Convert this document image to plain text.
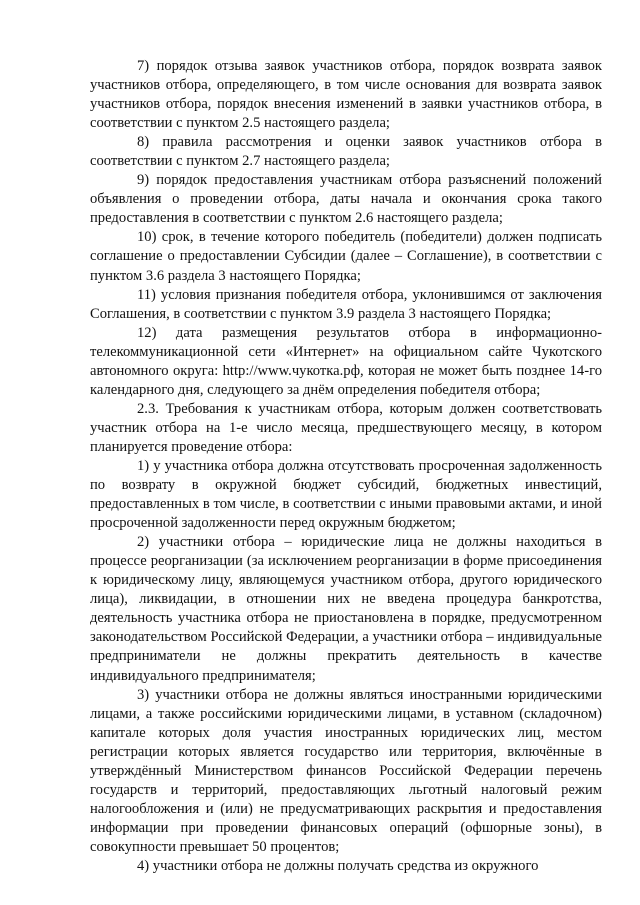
7) порядок отзыва заявок участников отбора, порядок возврата заявок участников отбора, определяющего, в том числе основания для возврата заявок участников отбора, порядок внесения изменений в заявки участников отбора, в соответствии с пунктом 2.5 настоящего раздела;

8) правила рассмотрения и оценки заявок участников отбора в соответствии с пунктом 2.7 настоящего раздела;

9) порядок предоставления участникам отбора разъяснений положений объявления о проведении отбора, даты начала и окончания срока такого предоставления в соответствии с пунктом 2.6 настоящего раздела;

10) срок, в течение которого победитель (победители) должен подписать соглашение о предоставлении Субсидии (далее – Соглашение), в соответствии с пунктом 3.6 раздела 3 настоящего Порядка;

11) условия признания победителя отбора, уклонившимся от заключения Соглашения, в соответствии с пунктом 3.9 раздела 3 настоящего Порядка;

12) дата размещения результатов отбора в информационно-телекоммуникационной сети «Интернет» на официальном сайте Чукотского автономного округа: http://www.чукотка.рф, которая не может быть позднее 14-го календарного дня, следующего за днём определения победителя отбора;

2.3. Требования к участникам отбора, которым должен соответствовать участник отбора на 1-е число месяца, предшествующего месяцу, в котором планируется проведение отбора:

1) у участника отбора должна отсутствовать просроченная задолженность по возврату в окружной бюджет субсидий, бюджетных инвестиций, предоставленных в том числе, в соответствии с иными правовыми актами, и иной просроченной задолженности перед окружным бюджетом;

2) участники отбора – юридические лица не должны находиться в процессе реорганизации (за исключением реорганизации в форме присоединения к юридическому лицу, являющемуся участником отбора, другого юридического лица), ликвидации, в отношении них не введена процедура банкротства, деятельность участника отбора не приостановлена в порядке, предусмотренном законодательством Российской Федерации, а участники отбора – индивидуальные предприниматели не должны прекратить деятельность в качестве индивидуального предпринимателя;

3) участники отбора не должны являться иностранными юридическими лицами, а также российскими юридическими лицами, в уставном (складочном) капитале которых доля участия иностранных юридических лиц, местом регистрации которых является государство или территория, включённые в утверждённый Министерством финансов Российской Федерации перечень государств и территорий, предоставляющих льготный налоговый режим налогообложения и (или) не предусматривающих раскрытия и предоставления информации при проведении финансовых операций (офшорные зоны), в совокупности превышает 50 процентов;

4) участники отбора не должны получать средства из окружного
